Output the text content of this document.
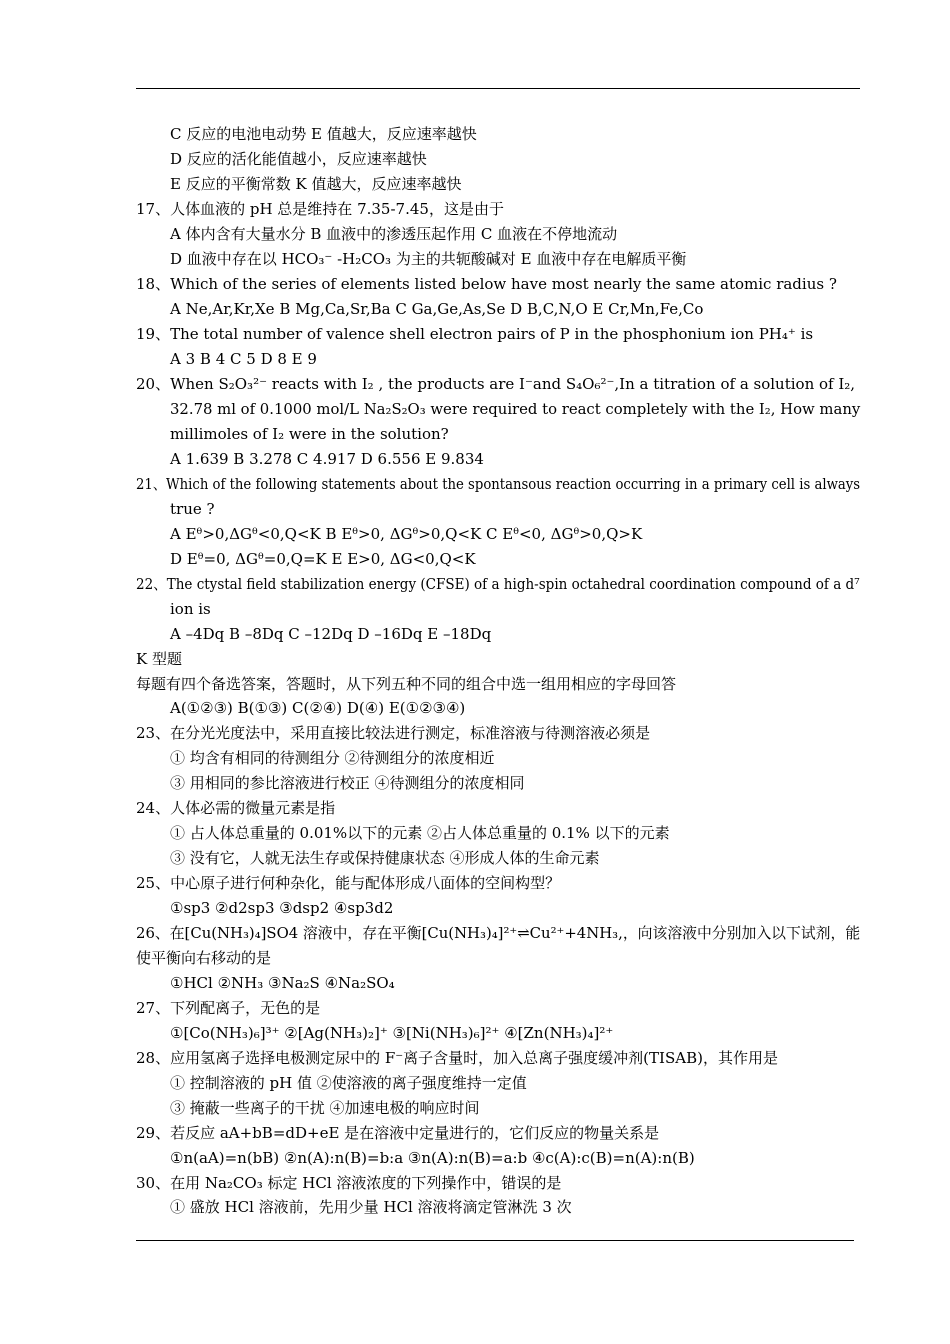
C 反应的电池电动势 E 值越大，反应速率越快
D 反应的活化能值越小，反应速率越快
E 反应的平衡常数 K 值越大，反应速率越快
17、人体血液的 pH 总是维持在 7.35-7.45，这是由于
A 体内含有大量水分 B 血液中的渗透压起作用 C 血液在不停地流动
D 血液中存在以 HCO₃⁻ -H₂CO₃ 为主的共轭酸碱对 E 血液中存在电解质平衡
18、Which of the series of elements listed below have most nearly the same atomic radius ?
A Ne,Ar,Kr,Xe B Mg,Ca,Sr,Ba C Ga,Ge,As,Se D B,C,N,O E Cr,Mn,Fe,Co
19、The total number of valence shell electron pairs of P in the phosphonium ion PH₄⁺ is
A 3 B 4 C 5 D 8 E 9
20、When S₂O₃²⁻ reacts with I₂ , the products are I⁻and S₄O₆²⁻,In a titration of a solution of I₂,
32.78 ml of 0.1000 mol/L Na₂S₂O₃ were required to react completely with the I₂, How many
millimoles of I₂ were in the solution?
A 1.639 B 3.278 C 4.917 D 6.556 E 9.834
21、Which of the following statements about the spontansous reaction occurring in a primary cell is always
true ?
A Eᶿ>0,ΔGᶿ<0,Q<K B Eᶿ>0, ΔGᶿ>0,Q<K C Eᶿ<0, ΔGᶿ>0,Q>K
D Eᶿ=0, ΔGᶿ=0,Q=K E E>0, ΔG<0,Q<K
22、The ctystal field stabilization energy (CFSE) of a high-spin octahedral coordination compound of a d⁷
ion is
A –4Dq B –8Dq C –12Dq D –16Dq E –18Dq
K 型题
每题有四个备选答案，答题时，从下列五种不同的组合中选一组用相应的字母回答
A(①②③) B(①③) C(②④) D(④) E(①②③④)
23、在分光光度法中，采用直接比较法进行测定，标准溶液与待测溶液必须是
① 均含有相同的待测组分 ②待测组分的浓度相近
③ 用相同的参比溶液进行校正 ④待测组分的浓度相同
24、人体必需的微量元素是指
① 占人体总重量的 0.01%以下的元素 ②占人体总重量的 0.1% 以下的元素
③ 没有它，人就无法生存或保持健康状态 ④形成人体的生命元素
25、中心原子进行何种杂化，能与配体形成八面体的空间构型？
①sp3 ②d2sp3 ③dsp2 ④sp3d2
26、在[Cu(NH₃)₄]SO4 溶液中，存在平衡[Cu(NH₃)₄]²⁺⇌Cu²⁺+4NH₃,，向该溶液中分别加入以下试剂，能
使平衡向右移动的是
①HCl ②NH₃ ③Na₂S ④Na₂SO₄
27、下列配离子，无色的是
①[Co(NH₃)₆]³⁺ ②[Ag(NH₃)₂]⁺ ③[Ni(NH₃)₆]²⁺ ④[Zn(NH₃)₄]²⁺
28、应用氢离子选择电极测定尿中的 F⁻离子含量时，加入总离子强度缓冲剂(TISAB)，其作用是
① 控制溶液的 pH 值 ②使溶液的离子强度维持一定值
③ 掩蔽一些离子的干扰 ④加速电极的响应时间
29、若反应 aA+bB=dD+eE 是在溶液中定量进行的，它们反应的物量关系是
①n(aA)=n(bB) ②n(A):n(B)=b:a ③n(A):n(B)=a:b ④c(A):c(B)=n(A):n(B)
30、在用 Na₂CO₃ 标定 HCl 溶液浓度的下列操作中，错误的是
① 盛放 HCl 溶液前，先用少量 HCl 溶液将滴定管淋洗 3 次
